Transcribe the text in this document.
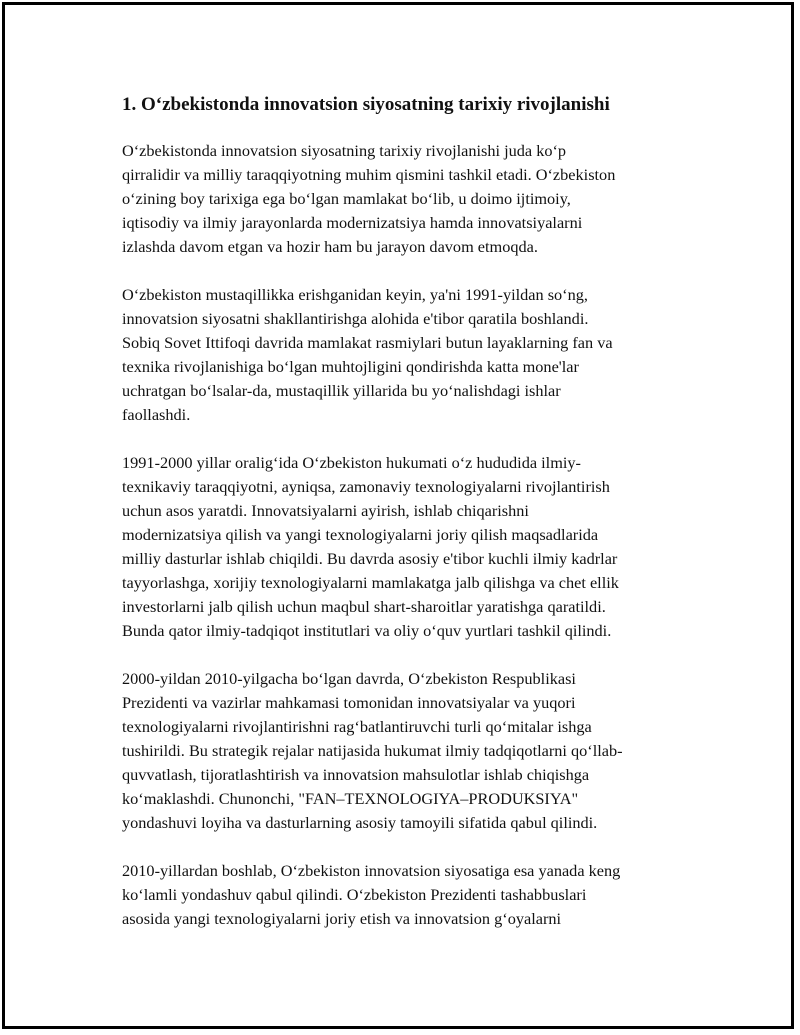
1. O‘zbekistonda innovatsion siyosatning tarixiy rivojlanishi

O‘zbekistonda innovatsion siyosatning tarixiy rivojlanishi juda ko‘p
qirralidir va milliy taraqqiyotning muhim qismini tashkil etadi. O‘zbekiston
o‘zining boy tarixiga ega bo‘lgan mamlakat bo‘lib, u doimo ijtimoiy,
iqtisodiy va ilmiy jarayonlarda modernizatsiya hamda innovatsiyalarni
izlashda davom etgan va hozir ham bu jarayon davom etmoqda.

O‘zbekiston mustaqillikka erishganidan keyin, ya'ni 1991-yildan so‘ng,
innovatsion siyosatni shakllantirishga alohida e'tibor qaratila boshlandi.
Sobiq Sovet Ittifoqi davrida mamlakat rasmiylari butun layaklarning fan va
texnika rivojlanishiga bo‘lgan muhtojligini qondirishda katta mone'lar
uchratgan bo‘lsalar-da, mustaqillik yillarida bu yo‘nalishdagi ishlar
faollashdi.

1991-2000 yillar oralig‘ida O‘zbekiston hukumati o‘z hududida ilmiy-
texnikaviy taraqqiyotni, ayniqsa, zamonaviy texnologiyalarni rivojlantirish
uchun asos yaratdi. Innovatsiyalarni ayirish, ishlab chiqarishni
modernizatsiya qilish va yangi texnologiyalarni joriy qilish maqsadlarida
milliy dasturlar ishlab chiqildi. Bu davrda asosiy e'tibor kuchli ilmiy kadrlar
tayyorlashga, xorijiy texnologiyalarni mamlakatga jalb qilishga va chet ellik
investorlarni jalb qilish uchun maqbul shart-sharoitlar yaratishga qaratildi.
Bunda qator ilmiy-tadqiqot institutlari va oliy o‘quv yurtlari tashkil qilindi.

2000-yildan 2010-yilgacha bo‘lgan davrda, O‘zbekiston Respublikasi
Prezidenti va vazirlar mahkamasi tomonidan innovatsiyalar va yuqori
texnologiyalarni rivojlantirishni rag‘batlantiruvchi turli qo‘mitalar ishga
tushirildi. Bu strategik rejalar natijasida hukumat ilmiy tadqiqotlarni qo‘llab-
quvvatlash, tijoratlashtirish va innovatsion mahsulotlar ishlab chiqishga
ko‘maklashdi. Chunonchi, "FAN–TEXNOLOGIYA–PRODUKSIYA"
yondashuvi loyiha va dasturlarning asosiy tamoyili sifatida qabul qilindi.

2010-yillardan boshlab, O‘zbekiston innovatsion siyosatiga esa yanada keng
ko‘lamli yondashuv qabul qilindi. O‘zbekiston Prezidenti tashabbuslari
asosida yangi texnologiyalarni joriy etish va innovatsion g‘oyalarni
